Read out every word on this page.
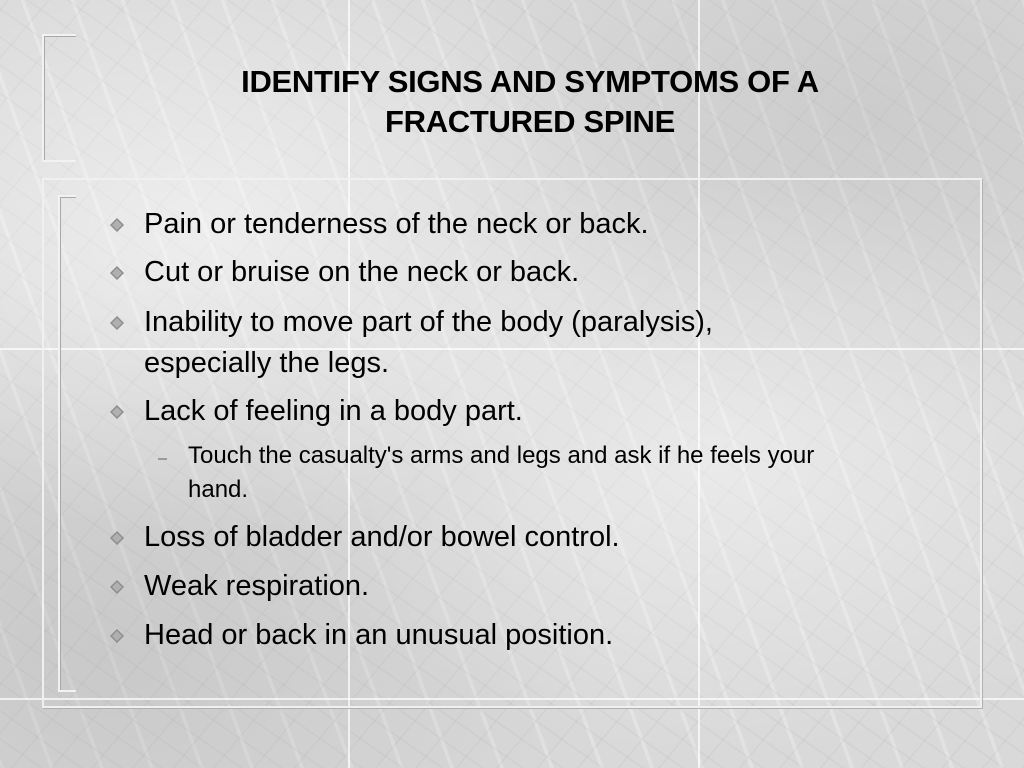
IDENTIFY SIGNS AND SYMPTOMS OF A
FRACTURED SPINE
Pain or tenderness of the neck or back.
Cut or bruise on the neck or back.
Inability to move part of the body (paralysis),
especially the legs.
Lack of feeling in a body part.
Touch the casualty's arms and legs and ask if he feels your
hand.
Loss of bladder and/or bowel control.
Weak respiration.
Head or back in an unusual position.
